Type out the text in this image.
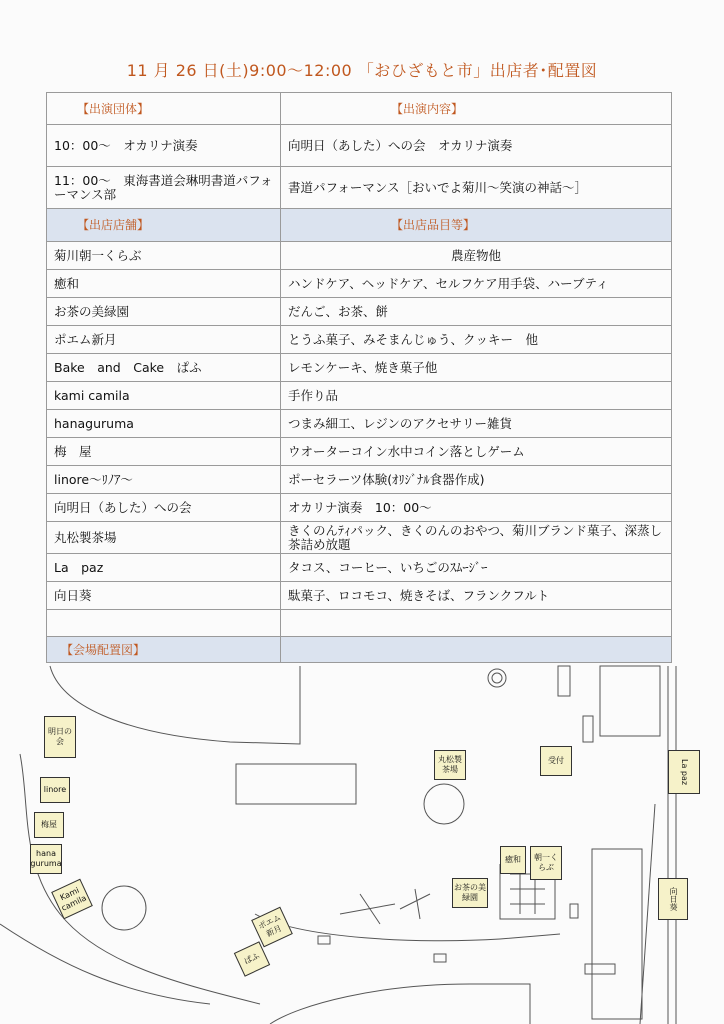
11 月 26 日(土)9:00〜12:00 「おひざもと市」出店者･配置図
【出演団体】	【出演内容】
10：00〜　オカリナ演奏	向明日（あした）への会　オカリナ演奏
11：00〜　東海書道会琳明書道パフォーマンス部	書道パフォーマンス［おいでよ菊川〜笑演の神話〜］
【出店店舗】	【出店品目等】
菊川朝一くらぶ	農産物他
癒和	ハンドケア、ヘッドケア、セルフケア用手袋、ハーブティ
お茶の美緑園	だんご、お茶、餅
ポエム新月	とうふ菓子、みそまんじゅう、クッキー　他
Bake　and　Cake　ぱふ	レモンケーキ、焼き菓子他
kami camila	手作り品
hanaguruma	つまみ細工、レジンのアクセサリー雑貨
梅　屋	ウオーターコイン水中コイン落としゲーム
linore〜ﾘﾉｱ〜	ポーセラーツ体験(ｵﾘｼﾞﾅﾙ食器作成)
向明日（あした）への会	オカリナ演奏　10：00〜
丸松製茶場	きくのんﾃｨパック、きくのんのおやつ、菊川ブランド菓子、深蒸し茶詰め放題
La　paz	タコス、コーヒー、いちごのｽﾑｰｼﾞｰ
向日葵	駄菓子、ロコモコ、焼きそば、フランクフルト

【会場配置図】	
明日の会
linore
梅屋
hana guruma
Kami camila
ポエム新月
ぱふ
丸松製茶場
受付
癒和	朝一くらぶ
お茶の美緑園
La paz
向日葵
